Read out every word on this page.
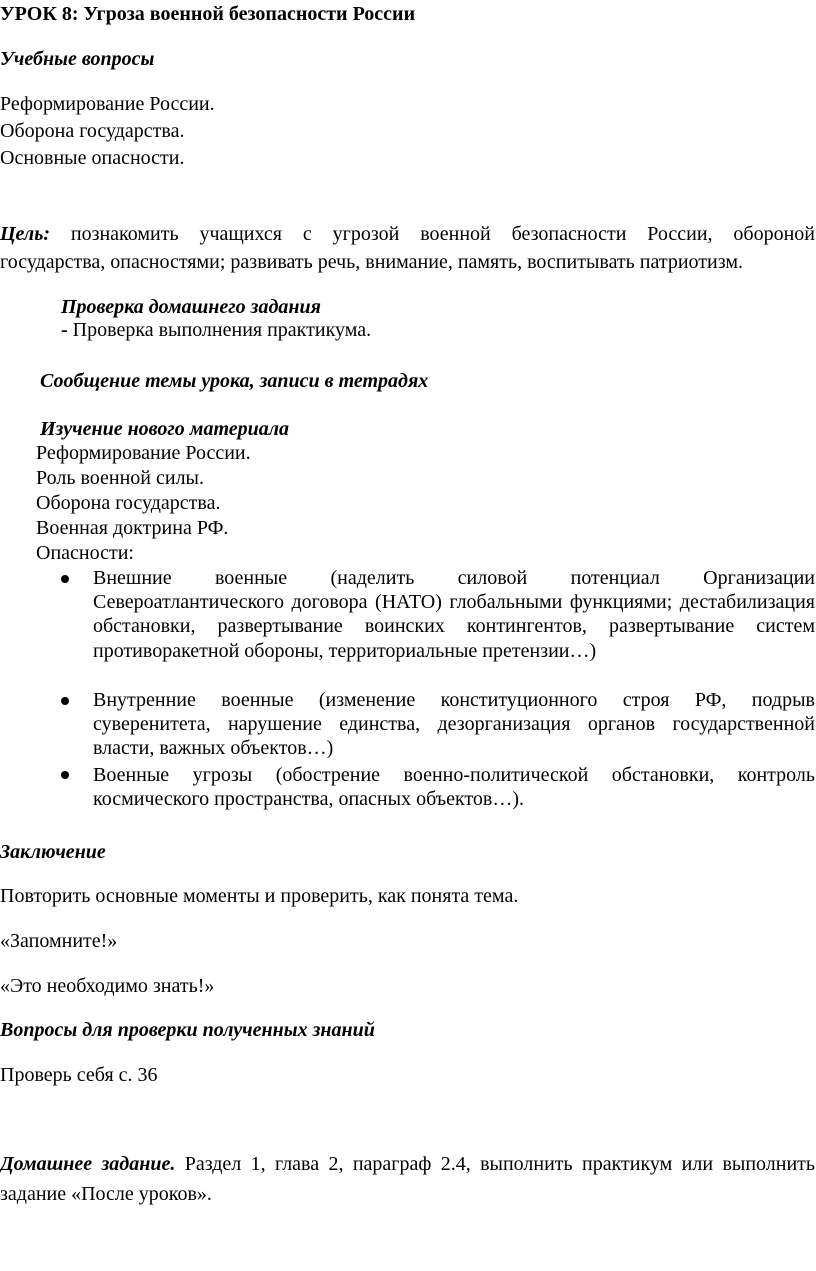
УРОК 8: Угроза военной безопасности России
Учебные вопросы
Реформирование России.
Оборона государства.
Основные опасности.
Цель: познакомить учащихся с угрозой военной безопасности России, обороной
государства, опасностями; развивать речь, внимание, память, воспитывать патриотизм.
Проверка домашнего задания
- Проверка выполнения практикума.
Сообщение темы урока, записи в тетрадях
Изучение нового материала
Реформирование России.
Роль военной силы.
Оборона государства.
Военная доктрина РФ.
Опасности:
Внешние военные (наделить силовой потенциал Организации Североатлантического договора (НАТО) глобальными функциями; дестабилизация обстановки, развертывание воинских контингентов, развертывание систем противоракетной обороны, территориальные претензии…)
Внутренние военные (изменение конституционного строя РФ, подрыв суверенитета, нарушение единства, дезорганизация органов государственной власти, важных объектов…)
Военные угрозы (обострение военно-политической обстановки, контроль космического пространства, опасных объектов…).
Заключение
Повторить основные моменты и проверить, как понята тема.
«Запомните!»
«Это необходимо знать!»
Вопросы для проверки полученных знаний
Проверь себя с. 36
Домашнее задание. Раздел 1, глава 2, параграф 2.4, выполнить практикум или выполнить
задание «После уроков».
